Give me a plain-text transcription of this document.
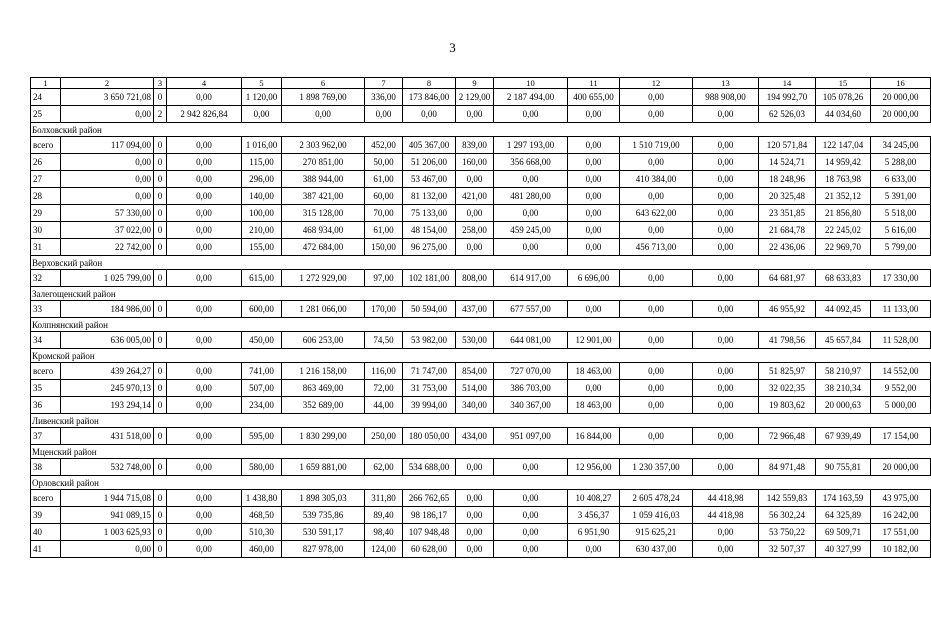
3
1	2	3	4	5	6	7	8	9	10	11	12	13	14	15	16
24	3 650 721,08	0	0,00	1 120,00	1 898 769,00	336,00	173 846,00	2 129,00	2 187 494,00	400 655,00	0,00	988 908,00	194 992,70	105 078,26	20 000,00
25	0,00	2	2 942 826,84	0,00	0,00	0,00	0,00	0,00	0,00	0,00	0,00	0,00	62 526,03	44 034,60	20 000,00
Болховский район															
всего	117 094,00	0	0,00	1 016,00	2 303 962,00	452,00	405 367,00	839,00	1 297 193,00	0,00	1 510 719,00	0,00	120 571,84	122 147,04	34 245,00
26	0,00	0	0,00	115,00	270 851,00	50,00	51 206,00	160,00	356 668,00	0,00	0,00	0,00	14 524,71	14 959,42	5 288,00
27	0,00	0	0,00	296,00	388 944,00	61,00	53 467,00	0,00	0,00	0,00	410 384,00	0,00	18 248,96	18 763,98	6 633,00
28	0,00	0	0,00	140,00	387 421,00	60,00	81 132,00	421,00	481 280,00	0,00	0,00	0,00	20 325,48	21 352,12	5 391,00
29	57 330,00	0	0,00	100,00	315 128,00	70,00	75 133,00	0,00	0,00	0,00	643 622,00	0,00	23 351,85	21 856,80	5 518,00
30	37 022,00	0	0,00	210,00	468 934,00	61,00	48 154,00	258,00	459 245,00	0,00	0,00	0,00	21 684,78	22 245,02	5 616,00
31	22 742,00	0	0,00	155,00	472 684,00	150,00	96 275,00	0,00	0,00	0,00	456 713,00	0,00	22 436,06	22 969,70	5 799,00
Верховский район															
32	1 025 799,00	0	0,00	615,00	1 272 929,00	97,00	102 181,00	808,00	614 917,00	6 696,00	0,00	0,00	64 681,97	68 633,83	17 330,00
Залегощенский район															
33	184 986,00	0	0,00	600,00	1 281 066,00	170,00	50 594,00	437,00	677 557,00	0,00	0,00	0,00	46 955,92	44 092,45	11 133,00
Колпнянский район															
34	636 005,00	0	0,00	450,00	606 253,00	74,50	53 982,00	530,00	644 081,00	12 901,00	0,00	0,00	41 798,56	45 657,84	11 528,00
Кромской район															
всего	439 264,27	0	0,00	741,00	1 216 158,00	116,00	71 747,00	854,00	727 070,00	18 463,00	0,00	0,00	51 825,97	58 210,97	14 552,00
35	245 970,13	0	0,00	507,00	863 469,00	72,00	31 753,00	514,00	386 703,00	0,00	0,00	0,00	32 022,35	38 210,34	9 552,00
36	193 294,14	0	0,00	234,00	352 689,00	44,00	39 994,00	340,00	340 367,00	18 463,00	0,00	0,00	19 803,62	20 000,63	5 000,00
Ливенский район															
37	431 518,00	0	0,00	595,00	1 830 299,00	250,00	180 050,00	434,00	951 097,00	16 844,00	0,00	0,00	72 966,48	67 939,49	17 154,00
Мценский район															
38	532 748,00	0	0,00	580,00	1 659 881,00	62,00	534 688,00	0,00	0,00	12 956,00	1 230 357,00	0,00	84 971,48	90 755,81	20 000,00
Орловский район															
всего	1 944 715,08	0	0,00	1 438,80	1 898 305,03	311,80	266 762,65	0,00	0,00	10 408,27	2 605 478,24	44 418,98	142 559,83	174 163,59	43 975,00
39	941 089,15	0	0,00	468,50	539 735,86	89,40	98 186,17	0,00	0,00	3 456,37	1 059 416,03	44 418,98	56 302,24	64 325,89	16 242,00
40	1 003 625,93	0	0,00	510,30	530 591,17	98,40	107 948,48	0,00	0,00	6 951,90	915 625,21	0,00	53 750,22	69 509,71	17 551,00
41	0,00	0	0,00	460,00	827 978,00	124,00	60 628,00	0,00	0,00	0,00	630 437,00	0,00	32 507,37	40 327,99	10 182,00
